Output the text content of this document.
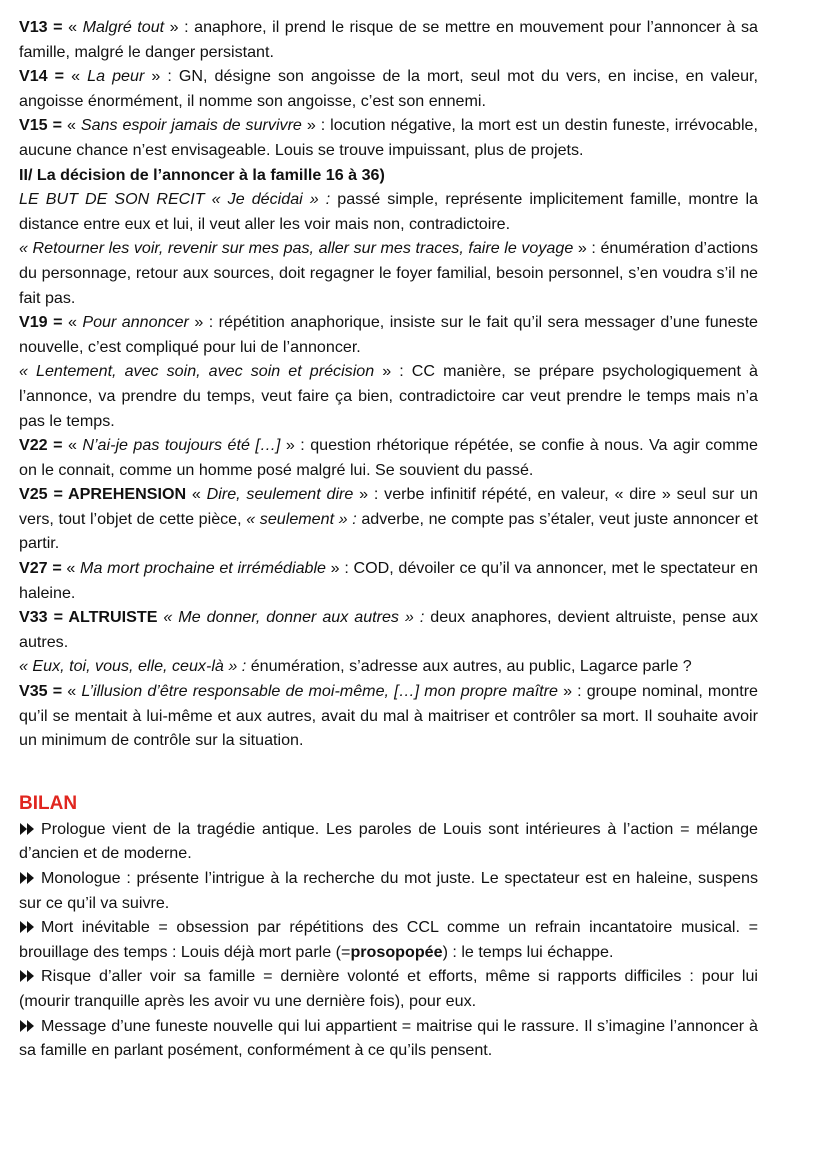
V13 = « Malgré tout » : anaphore, il prend le risque de se mettre en mouvement pour l’annoncer à sa famille, malgré le danger persistant.

V14 = « La peur » : GN, désigne son angoisse de la mort, seul mot du vers, en incise, en valeur, angoisse énormément, il nomme son angoisse, c’est son ennemi.

V15 = « Sans espoir jamais de survivre » : locution négative, la mort est un destin funeste, irrévocable, aucune chance n’est envisageable. Louis se trouve impuissant, plus de projets.

II/ La décision de l’annoncer à la famille 16 à 36)

LE BUT DE SON RECIT « Je décidai » : passé simple, représente implicitement famille, montre la distance entre eux et lui, il veut aller les voir mais non, contradictoire.

« Retourner les voir, revenir sur mes pas, aller sur mes traces, faire le voyage » : énumération d’actions du personnage, retour aux sources, doit regagner le foyer familial, besoin personnel, s’en voudra s’il ne fait pas.

V19 = « Pour annoncer » : répétition anaphorique, insiste sur le fait qu’il sera messager d’une funeste nouvelle, c’est compliqué pour lui de l’annoncer.

« Lentement, avec soin, avec soin et précision » : CC manière, se prépare psychologiquement à l’annonce, va prendre du temps, veut faire ça bien, contradictoire car veut prendre le temps mais n’a pas le temps.

V22 = « N’ai-je pas toujours été […] » : question rhétorique répétée, se confie à nous. Va agir comme on le connait, comme un homme posé malgré lui. Se souvient du passé.

V25 = APREHENSION « Dire, seulement dire » : verbe infinitif répété, en valeur, « dire » seul sur un vers, tout l’objet de cette pièce, « seulement » : adverbe, ne compte pas s’étaler, veut juste annoncer et partir.

V27 = « Ma mort prochaine et irrémédiable » : COD, dévoiler ce qu’il va annoncer, met le spectateur en haleine.

V33 = ALTRUISTE « Me donner, donner aux autres » : deux anaphores, devient altruiste, pense aux autres.

« Eux, toi, vous, elle, ceux-là » : énumération, s’adresse aux autres, au public, Lagarce parle ?

V35 = « L’illusion d’être responsable de moi-même, […] mon propre maître » : groupe nominal, montre qu’il se mentait à lui-même et aux autres, avait du mal à maitriser et contrôler sa mort. Il souhaite avoir un minimum de contrôle sur la situation.

BILAN

Prologue vient de la tragédie antique. Les paroles de Louis sont intérieures à l’action = mélange d’ancien et de moderne.

Monologue : présente l’intrigue à la recherche du mot juste. Le spectateur est en haleine, suspens sur ce qu’il va suivre.

Mort inévitable = obsession par répétitions des CCL comme un refrain incantatoire musical. = brouillage des temps : Louis déjà mort parle (=prosopopée) : le temps lui échappe.

Risque d’aller voir sa famille = dernière volonté et efforts, même si rapports difficiles : pour lui (mourir tranquille après les avoir vu une dernière fois), pour eux.

Message d’une funeste nouvelle qui lui appartient = maitrise qui le rassure. Il s’imagine l’annoncer à sa famille en parlant posément, conformément à ce qu’ils pensent.
